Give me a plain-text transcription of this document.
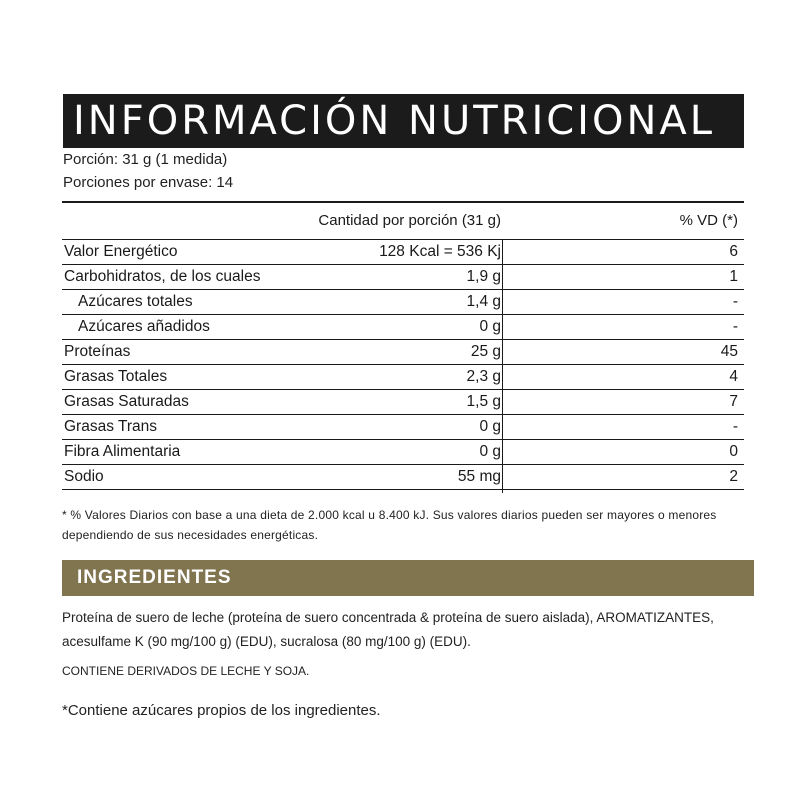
INFORMACIÓN NUTRICIONAL
Porción: 31 g (1 medida)
Porciones por envase: 14
Cantidad por porción (31 g)	% VD (*)
Valor Energético	128 Kcal = 536 Kj	6
Carbohidratos, de los cuales	1,9 g	1
Azúcares totales	1,4 g	-
Azúcares añadidos	0 g	-
Proteínas	25 g	45
Grasas Totales	2,3 g	4
Grasas Saturadas	1,5 g	7
Grasas Trans	0 g	-
Fibra Alimentaria	0 g	0
Sodio	55 mg	2
* % Valores Diarios con base a una dieta de 2.000 kcal u 8.400 kJ. Sus valores diarios pueden ser mayores o menores dependiendo de sus necesidades energéticas.
INGREDIENTES
Proteína de suero de leche (proteína de suero concentrada & proteína de suero aislada), AROMATIZANTES, acesulfame K (90 mg/100 g) (EDU), sucralosa (80 mg/100 g) (EDU).
CONTIENE DERIVADOS DE LECHE Y SOJA.
*Contiene azúcares propios de los ingredientes.
